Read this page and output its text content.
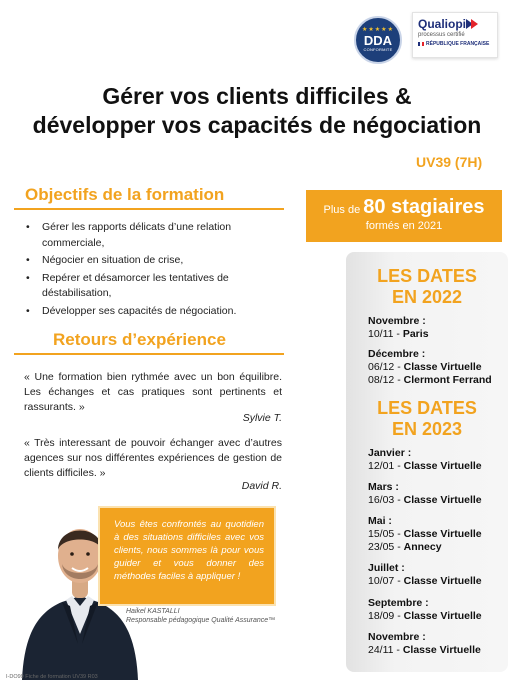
★★★★★
DDA
CONFORMITE
Qualiopi
processus certifié
RÉPUBLIQUE FRANÇAISE
Gérer vos clients difficiles &
développer vos capacités de négociation
UV39 (7H)
Objectifs de la formation
• Gérer les rapports délicats d’une relation commerciale,
• Négocier en situation de crise,
• Repérer et désamorcer les tentatives de déstabilisation,
• Développer ses capacités de négociation.
Retours d’expérience
« Une formation bien rythmée avec un bon équilibre. Les échanges et cas pratiques sont pertinents et rassurants. »
Sylvie T.
« Très interessant de pouvoir échanger avec d’autres agences sur nos différentes expériences de gestion de clients difficiles. »
David R.
Plus de 80 stagiaires
formés en 2021
LES DATES
EN 2022
Novembre :
10/11 - Paris
Décembre :
06/12 - Classe Virtuelle
08/12 - Clermont Ferrand
LES DATES
EN 2023
Janvier :
12/01 - Classe Virtuelle
Mars :
16/03 - Classe Virtuelle
Mai :
15/05 - Classe Virtuelle
23/05 - Annecy
Juillet :
10/07 - Classe Virtuelle
Septembre :
18/09 - Classe Virtuelle
Novembre :
24/11 - Classe Virtuelle

Vous êtes confrontés au quotidien à des situations difficiles avec vos clients, nous sommes là pour vous guider et vous donner des méthodes faciles à appliquer !

Haikel KASTALLI
Responsable pédagogique Qualité Assurance™
I-DO99 Fiche de formation UV39 R03
